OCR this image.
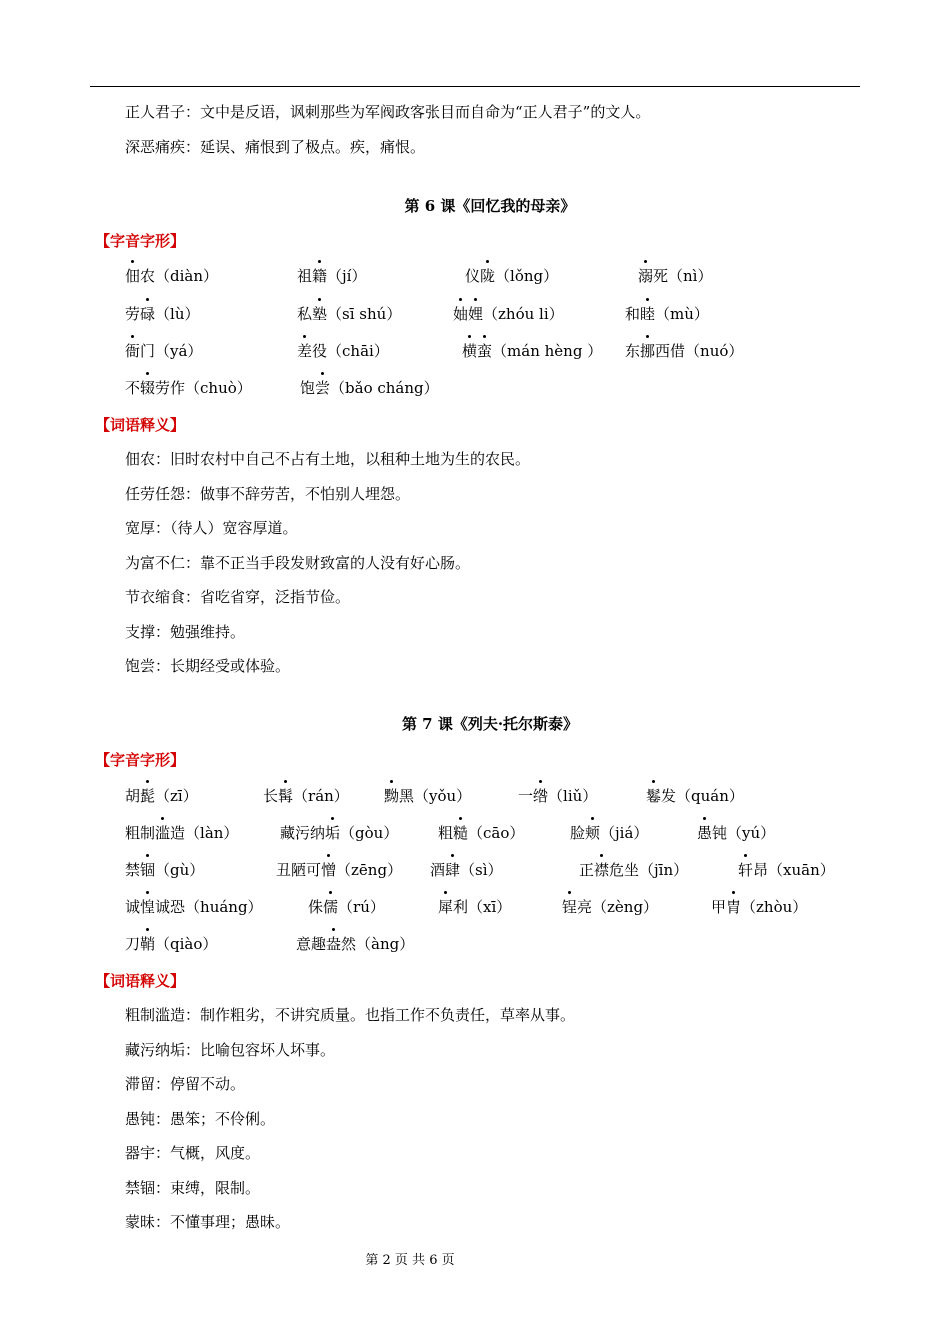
正人君子：文中是反语，讽刺那些为军阀政客张目而自命为“正人君子”的文人。
深恶痛疾：延误、痛恨到了极点。疾，痛恨。
第 6 课《回忆我的母亲》
【字音字形】
佃农（diàn）	祖籍（jí）	仪陇（lǒng）	溺死（nì）
劳碌（lù）	私塾（sī shú）	妯娌（zhóu li）	和睦（mù）
衙门（yá）	差役（chāi）	横蛮（mán hèng ） 东挪西借（nuó）
不辍劳作（chuò）	饱尝（bǎo cháng）
【词语释义】
佃农：旧时农村中自己不占有土地，以租种土地为生的农民。
任劳任怨：做事不辞劳苦，不怕别人埋怨。
宽厚：（待人）宽容厚道。
为富不仁：靠不正当手段发财致富的人没有好心肠。
节衣缩食：省吃省穿，泛指节俭。
支撑：勉强维持。
饱尝：长期经受或体验。
第 7 课《列夫·托尔斯泰》
【字音字形】
胡髭（zī）	长髯（rán） 黝黑（yǒu）	一绺（liǔ）	鬈发（quán）
粗制滥造（làn）	藏污纳垢（gòu）	粗糙（cāo）	脸颊（jiá）	愚钝（yú）
禁锢（gù）	丑陋可憎（zēng） 酒肆（sì）	正襟危坐（jīn）	轩昂（xuān）
诚惶诚恐（huáng）	侏儒（rú）	犀利（xī）	锃亮（zèng）	甲胄（zhòu）
刀鞘（qiào）	意趣盎然（àng）
【词语释义】
粗制滥造：制作粗劣，不讲究质量。也指工作不负责任，草率从事。
藏污纳垢：比喻包容坏人坏事。
滞留：停留不动。
愚钝：愚笨；不伶俐。
器宇：气概，风度。
禁锢：束缚，限制。
蒙昧：不懂事理；愚昧。
第 2 页 共 6 页
